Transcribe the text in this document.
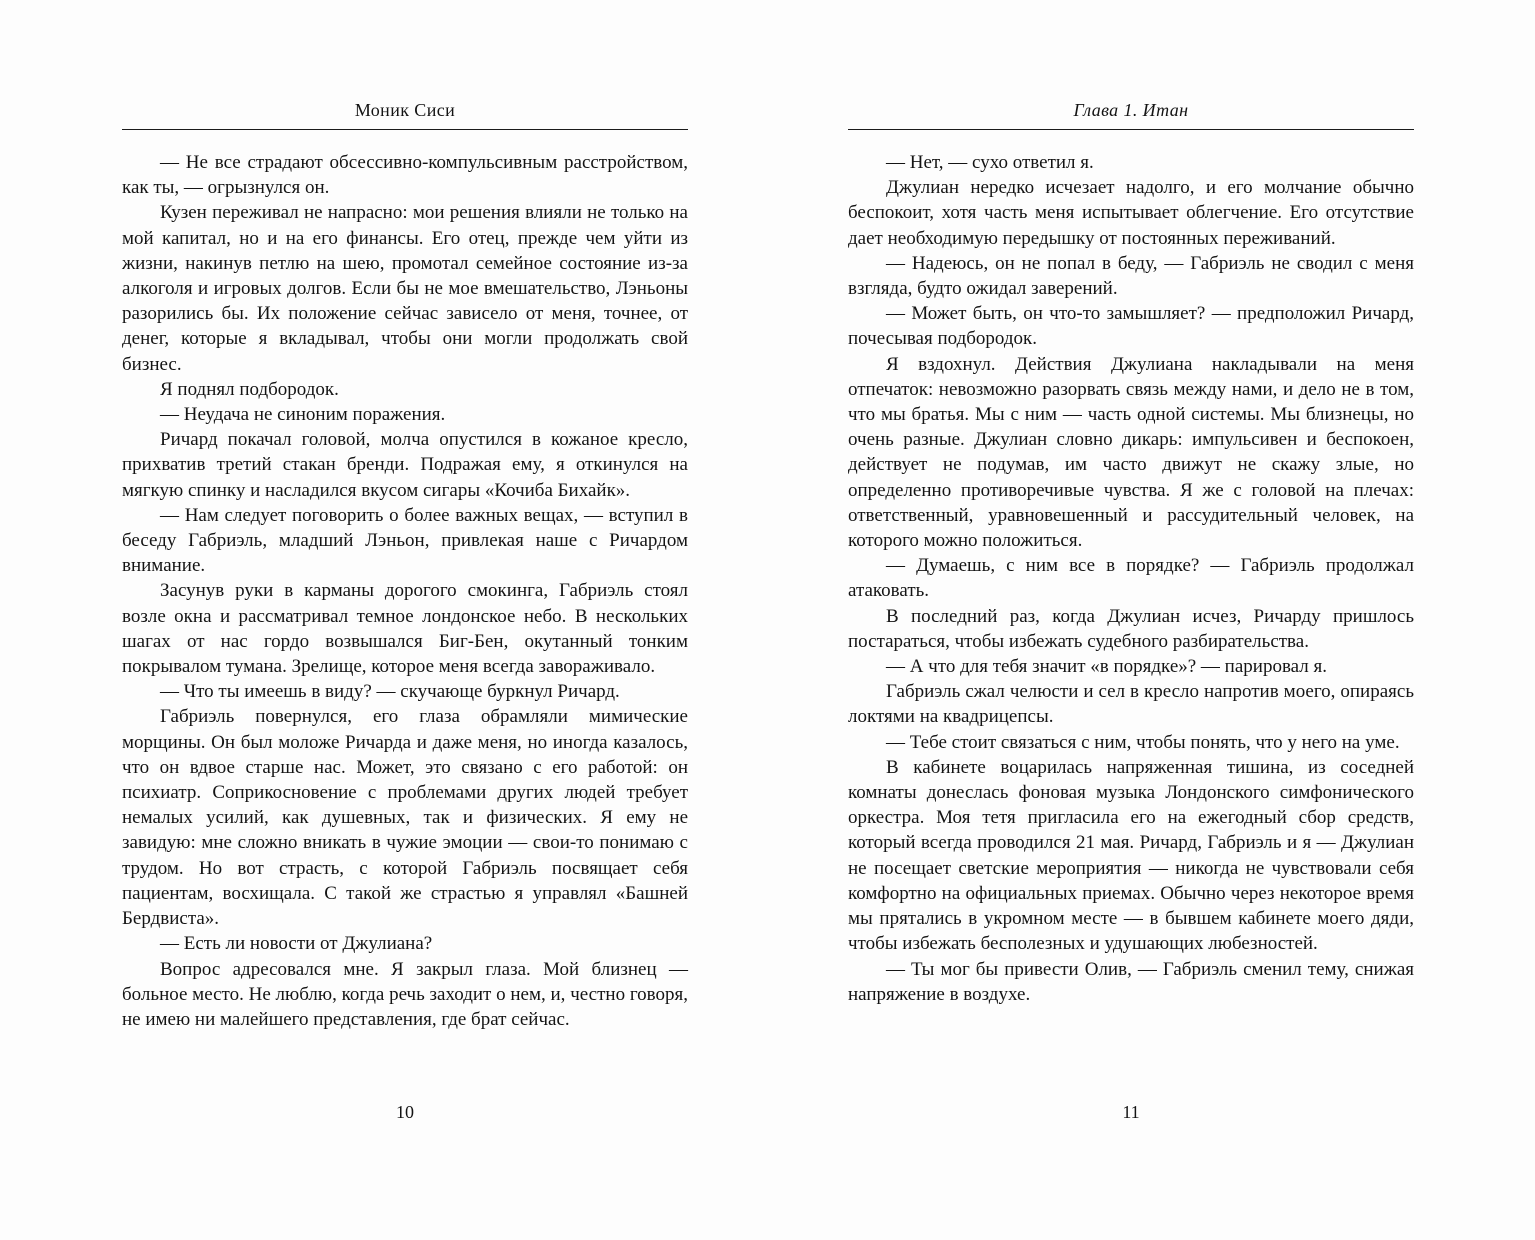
Моник Сиси

— Не все страдают обсессивно-компульсивным расстройством, как ты, — огрызнулся он.

Кузен переживал не напрасно: мои решения влияли не только на мой капитал, но и на его финансы. Его отец, прежде чем уйти из жизни, накинув петлю на шею, промотал семейное состояние из-за алкоголя и игровых долгов. Если бы не мое вмешательство, Лэньоны разорились бы. Их положение сейчас зависело от меня, точнее, от денег, которые я вкладывал, чтобы они могли продолжать свой бизнес.

Я поднял подбородок.

— Неудача не синоним поражения.

Ричард покачал головой, молча опустился в кожаное кресло, прихватив третий стакан бренди. Подражая ему, я откинулся на мягкую спинку и насладился вкусом сигары «Кочиба Бихайк».

— Нам следует поговорить о более важных вещах, — вступил в беседу Габриэль, младший Лэньон, привлекая наше с Ричардом внимание.

Засунув руки в карманы дорогого смокинга, Габриэль стоял возле окна и рассматривал темное лондонское небо. В нескольких шагах от нас гордо возвышался Биг-Бен, окутанный тонким покрывалом тумана. Зрелище, которое меня всегда завораживало.

— Что ты имеешь в виду? — скучающе буркнул Ричард.

Габриэль повернулся, его глаза обрамляли мимические морщины. Он был моложе Ричарда и даже меня, но иногда казалось, что он вдвое старше нас. Может, это связано с его работой: он психиатр. Соприкосновение с проблемами других людей требует немалых усилий, как душевных, так и физических. Я ему не завидую: мне сложно вникать в чужие эмоции — свои-то понимаю с трудом. Но вот страсть, с которой Габриэль посвящает себя пациентам, восхищала. С такой же страстью я управлял «Башней Бердвиста».

— Есть ли новости от Джулиана?

Вопрос адресовался мне. Я закрыл глаза. Мой близнец — больное место. Не люблю, когда речь заходит о нем, и, честно говоря, не имею ни малейшего представления, где брат сейчас.

10
Глава 1. Итан

— Нет, — сухо ответил я.

Джулиан нередко исчезает надолго, и его молчание обычно беспокоит, хотя часть меня испытывает облегчение. Его отсутствие дает необходимую передышку от постоянных переживаний.

— Надеюсь, он не попал в беду, — Габриэль не сводил с меня взгляда, будто ожидал заверений.

— Может быть, он что-то замышляет? — предположил Ричард, почесывая подбородок.

Я вздохнул. Действия Джулиана накладывали на меня отпечаток: невозможно разорвать связь между нами, и дело не в том, что мы братья. Мы с ним — часть одной системы. Мы близнецы, но очень разные. Джулиан словно дикарь: импульсивен и беспокоен, действует не подумав, им часто движут не скажу злые, но определенно противоречивые чувства. Я же с головой на плечах: ответственный, уравновешенный и рассудительный человек, на которого можно положиться.

— Думаешь, с ним все в порядке? — Габриэль продолжал атаковать.

В последний раз, когда Джулиан исчез, Ричарду пришлось постараться, чтобы избежать судебного разбирательства.

— А что для тебя значит «в порядке»? — парировал я.

Габриэль сжал челюсти и сел в кресло напротив моего, опираясь локтями на квадрицепсы.

— Тебе стоит связаться с ним, чтобы понять, что у него на уме.

В кабинете воцарилась напряженная тишина, из соседней комнаты донеслась фоновая музыка Лондонского симфонического оркестра. Моя тетя пригласила его на ежегодный сбор средств, который всегда проводился 21 мая. Ричард, Габриэль и я — Джулиан не посещает светские мероприятия — никогда не чувствовали себя комфортно на официальных приемах. Обычно через некоторое время мы прятались в укромном месте — в бывшем кабинете моего дяди, чтобы избежать бесполезных и удушающих любезностей.

— Ты мог бы привести Олив, — Габриэль сменил тему, снижая напряжение в воздухе.

11
